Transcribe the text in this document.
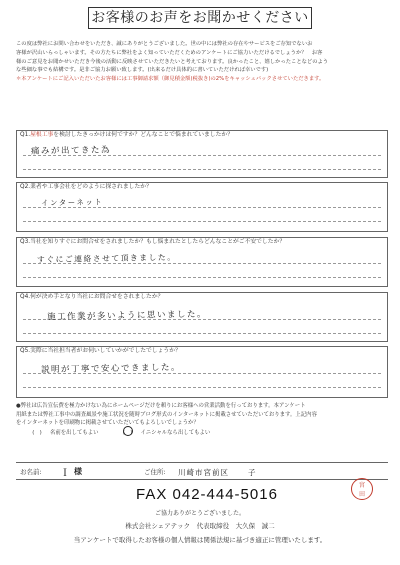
お客様のお声をお聞かせください

この度は弊社にお問い合わせをいただき、誠にありがとうございました。世の中には弊社の存在やサービスをご存知でないお

客様が沢山いらっしゃいます。その方たちに弊社をよく知っていただくためのアンケートにご協力いただけるでしょうか？　お客

様のご意見をお聞かせいただき今後の活動に反映させていただきたいと考えております。良かったこと、嬉しかったことなどのよう

な些細な事でも結構です。是非ご協力お願い致します。(出来るだけ具体的に書いていただければ幸いです)

＊本アンケートにご記入いただいたお客様には工事御請求額（御見積金額(税抜き)の2%をキャッシュバックさせていただきます。

Q1.屋根工事を検討したきっかけは何ですか？どんなことで悩まれていましたか？
痛みが出てきた為
Q2.業者や工事会社をどのように探されましたか？
インターネット
Q3.当社を知りすぐにお問合せをされましたか？もし悩まれたとしたらどんなことがご不安でしたか？
すぐにご連絡させて頂きました。
Q4.何が決め手となり当社にお問合せをされましたか？
施工作業が多いように思いました。
Q5.実際に当社担当者がお伺いしていかがでしたでしょうか？
説明が丁寧で安心できました。

●弊社は広告宣伝費を極力かけない為にホームページだけを頼りにお客様への営業活動を行っております。本アンケート

用紙または弊社工事中の調査風景や施工状況を随時ブログ形式のインターネットに掲載させていただいております。上記内容

をインターネットを印刷物に掲載させていただいてもよろしいでしょうか？

(　)	名前を出してもよい	(　)	イニシャルなら出してもよい
お名前: Ｉ 様	ご住所: 川崎市宮前区	子
FAX 042-444-5016
宮
田
ご協力ありがとうございました。
株式会社シェアテック　代表取締役　大久保　誠二
当アンケートで取得したお客様の個人情報は関係法規に基づき適正に管理いたします。
